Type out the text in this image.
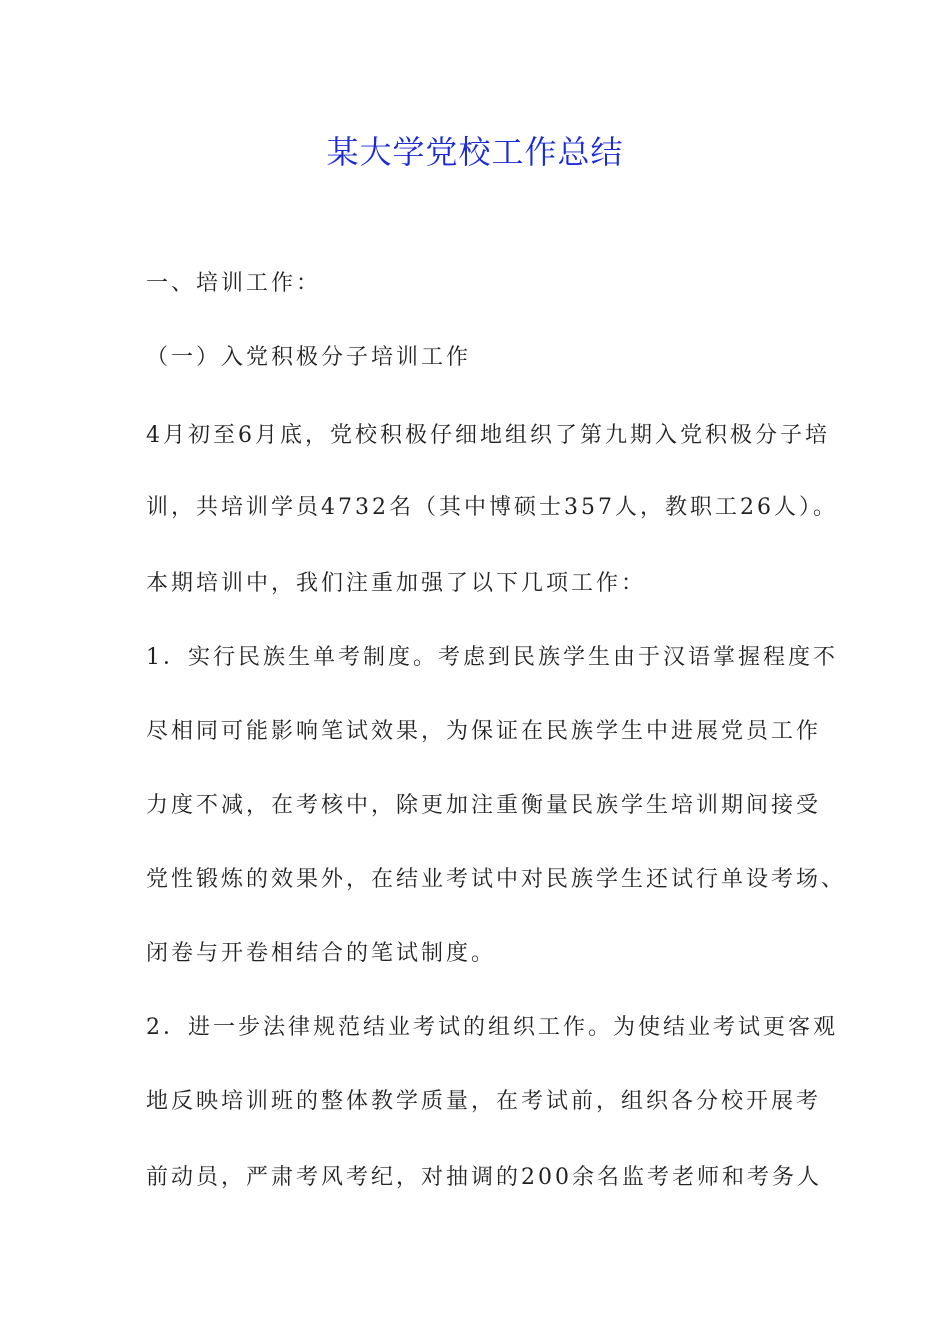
某大学党校工作总结
一、培训工作：
（一）入党积极分子培训工作
4月初至6月底，党校积极仔细地组织了第九期入党积极分子培
训，共培训学员4732名（其中博硕士357人，教职工26人）。
本期培训中，我们注重加强了以下几项工作：
1．实行民族生单考制度。考虑到民族学生由于汉语掌握程度不
尽相同可能影响笔试效果，为保证在民族学生中进展党员工作
力度不减，在考核中，除更加注重衡量民族学生培训期间接受
党性锻炼的效果外，在结业考试中对民族学生还试行单设考场、
闭卷与开卷相结合的笔试制度。
2．进一步法律规范结业考试的组织工作。为使结业考试更客观
地反映培训班的整体教学质量，在考试前，组织各分校开展考
前动员，严肃考风考纪，对抽调的200余名监考老师和考务人
